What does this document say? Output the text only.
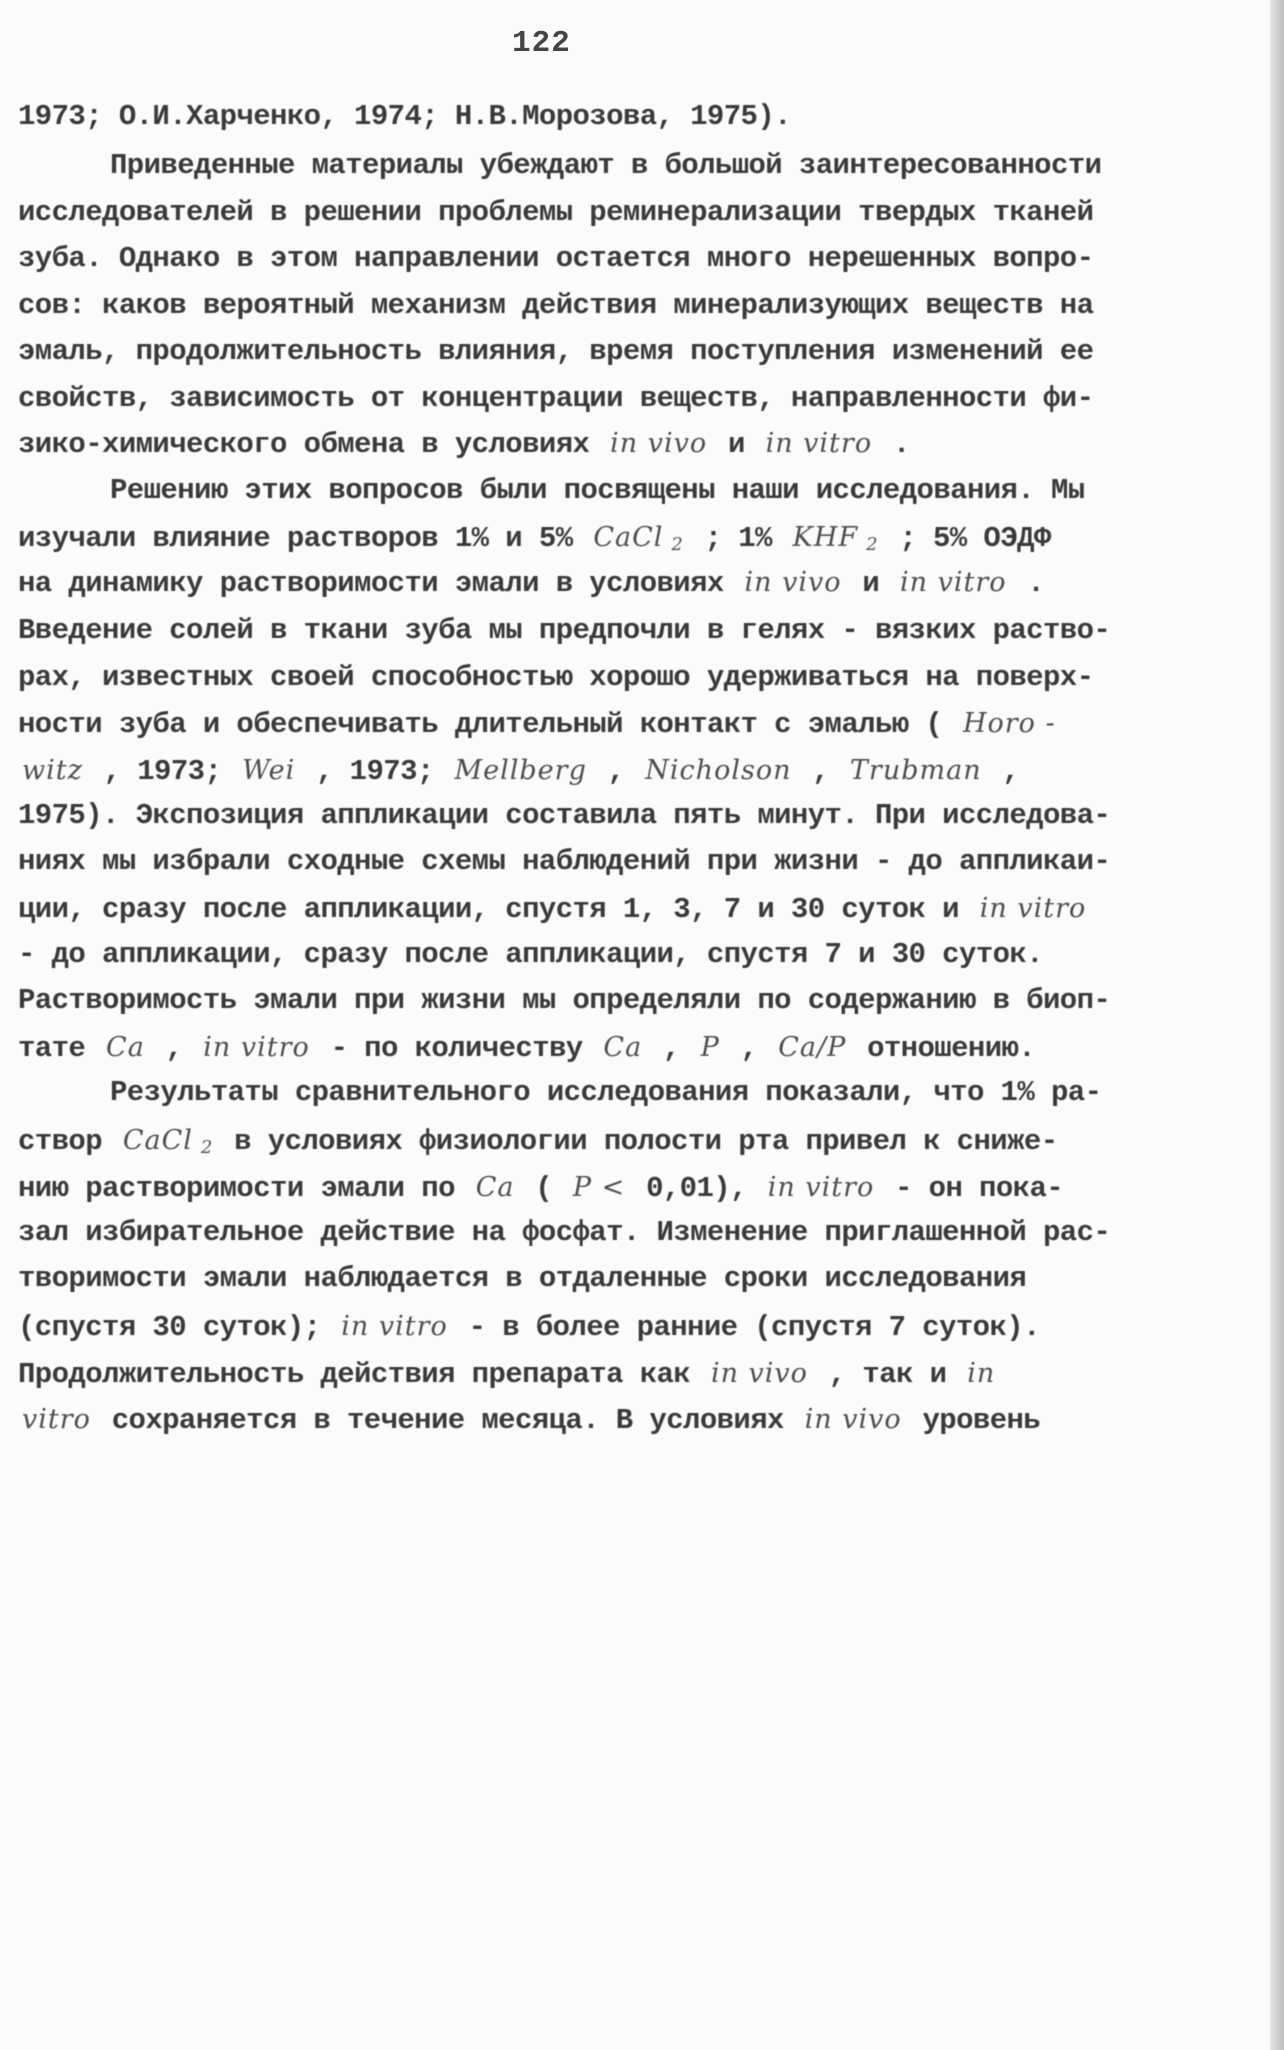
122
1973; О.И.Харченко, 1974; Н.В.Морозова, 1975).
Приведенные материалы убеждают в большой заинтересованности
исследователей в решении проблемы реминерализации твердых тканей
зуба. Однако в этом направлении остается много нерешенных вопро-
сов: каков вероятный механизм действия минерализующих веществ на
эмаль, продолжительность влияния, время поступления изменений ее
свойств, зависимость от концентрации веществ, направленности фи-
зико-химического обмена в условиях in vivo и in vitro .
Решению этих вопросов были посвящены наши исследования. Мы
изучали влияние растворов 1% и 5% CaCl $_2$ ; 1% KHF $_2$ ; 5% ОЭДФ
на динамику растворимости эмали в условиях in vivo и in vitro .
Введение солей в ткани зуба мы предпочли в гелях - вязких раство-
рах, известных своей способностью хорошо удерживаться на поверх-
ности зуба и обеспечивать длительный контакт с эмалью ( Horo -
witz , 1973; Wei , 1973; Mellberg , Nicholson , Trubman ,
1975). Экспозиция аппликации составила пять минут. При исследова-
ниях мы избрали сходные схемы наблюдений при жизни - до аппликаи-
ции, сразу после аппликации, спустя 1, 3, 7 и 30 суток и in vitro
- до аппликации, сразу после аппликации, спустя 7 и 30 суток.
Растворимость эмали при жизни мы определяли по содержанию в биоп-
тате Ca , in vitro - по количеству Ca , P , Ca/P отношению.
Результаты сравнительного исследования показали, что 1% ра-
створ CaCl $_2$ в условиях физиологии полости рта привел к сниже-
нию растворимости эмали по Ca ( P < 0,01), in vitro - он пока-
зал избирательное действие на фосфат. Изменение приглашенной рас-
творимости эмали наблюдается в отдаленные сроки исследования
(спустя 30 суток); in vitro - в более ранние (спустя 7 суток).
Продолжительность действия препарата как in vivo , так и in
vitro сохраняется в течение месяца. В условиях in vivo уровень
